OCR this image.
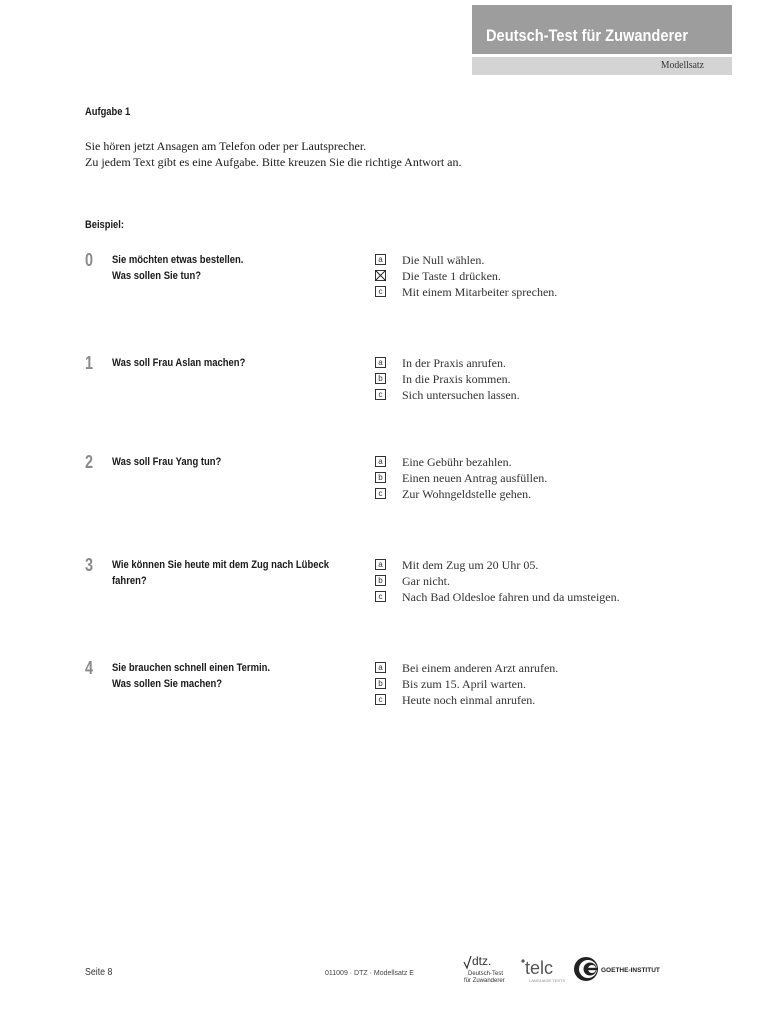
Deutsch-Test für Zuwanderer
Modellsatz
Aufgabe 1
Sie hören jetzt Ansagen am Telefon oder per Lautsprecher.
Zu jedem Text gibt es eine Aufgabe. Bitte kreuzen Sie die richtige Antwort an.
Beispiel:
0 Sie möchten etwas bestellen.
Was sollen Sie tun?
a Die Null wählen.
Die Taste 1 drücken.
c Mit einem Mitarbeiter sprechen.
1 Was soll Frau Aslan machen?	a In der Praxis anrufen.
b In die Praxis kommen.
c Sich untersuchen lassen.
2 Was soll Frau Yang tun?	a Eine Gebühr bezahlen.
b Einen neuen Antrag ausfüllen.
c Zur Wohngeldstelle gehen.
3 Wie können Sie heute mit dem Zug nach Lübeck
fahren?
a Mit dem Zug um 20 Uhr 05.
b Gar nicht.
c Nach Bad Oldesloe fahren und da umsteigen.
4 Sie brauchen schnell einen Termin.
Was sollen Sie machen?
a Bei einem anderen Arzt anrufen.
b Bis zum 15. April warten.
c Heute noch einmal anrufen.
Seite 8	011009 · DTZ · Modellsatz E
dtz.
Deutsch-Test
für Zuwanderer
telc
LANGUAGE TESTS
GOETHE-INSTITUT
